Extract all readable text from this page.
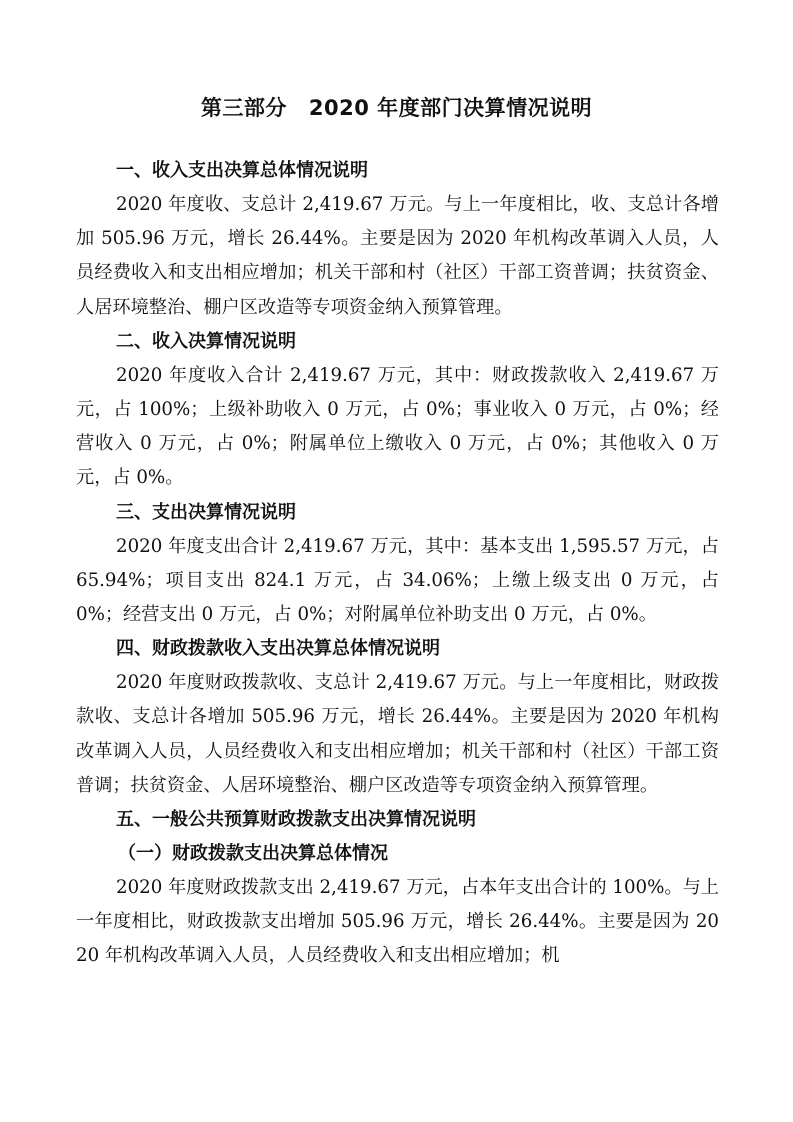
第三部分 2020 年度部门决算情况说明
一、收入支出决算总体情况说明

2020 年度收、支总计 2,419.67 万元。与上一年度相比，收、支总计各增加 505.96 万元，增长 26.44%。主要是因为 2020 年机构改革调入人员，人员经费收入和支出相应增加；机关干部和村（社区）干部工资普调；扶贫资金、人居环境整治、棚户区改造等专项资金纳入预算管理。

二、收入决算情况说明

2020 年度收入合计 2,419.67 万元，其中：财政拨款收入 2,419.67 万元，占 100%；上级补助收入 0 万元，占 0%；事业收入 0 万元，占 0%；经营收入 0 万元，占 0%；附属单位上缴收入 0 万元，占 0%；其他收入 0 万元，占 0%。

三、支出决算情况说明

2020 年度支出合计 2,419.67 万元，其中：基本支出 1,595.57 万元，占 65.94%；项目支出 824.1 万元，占 34.06%；上缴上级支出 0 万元，占 0%；经营支出 0 万元，占 0%；对附属单位补助支出 0 万元，占 0%。

四、财政拨款收入支出决算总体情况说明

2020 年度财政拨款收、支总计 2,419.67 万元。与上一年度相比，财政拨款收、支总计各增加 505.96 万元，增长 26.44%。主要是因为 2020 年机构改革调入人员，人员经费收入和支出相应增加；机关干部和村（社区）干部工资普调；扶贫资金、人居环境整治、棚户区改造等专项资金纳入预算管理。

五、一般公共预算财政拨款支出决算情况说明
（一）财政拨款支出决算总体情况

2020 年度财政拨款支出 2,419.67 万元，占本年支出合计的 100%。与上一年度相比，财政拨款支出增加 505.96 万元，增长 26.44%。主要是因为 2020 年机构改革调入人员，人员经费收入和支出相应增加；机
